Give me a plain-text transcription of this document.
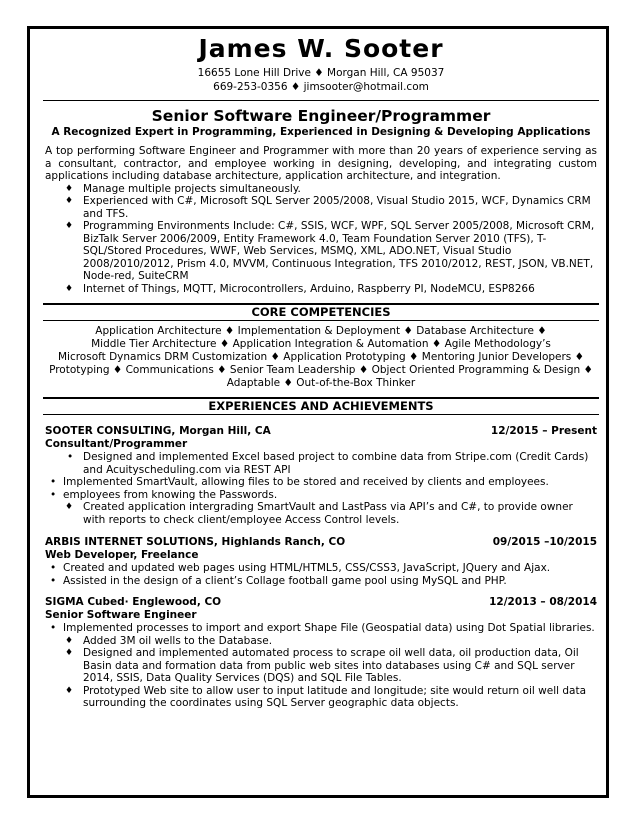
James W. Sooter
16655 Lone Hill Drive ♦ Morgan Hill, CA 95037
669-253-0356 ♦ jimsooter@hotmail.com
Senior Software Engineer/Programmer
A Recognized Expert in Programming, Experienced in Designing & Developing Applications
A top performing Software Engineer and Programmer with more than 20 years of experience serving as a consultant, contractor, and employee working in designing, developing, and integrating custom applications including database architecture, application architecture, and integration.
♦ Manage multiple projects simultaneously.
♦ Experienced with C#, Microsoft SQL Server 2005/2008, Visual Studio 2015, WCF, Dynamics CRM and TFS.
♦ Programming Environments Include: C#, SSIS, WCF, WPF, SQL Server 2005/2008, Microsoft CRM, BizTalk Server 2006/2009, Entity Framework 4.0, Team Foundation Server 2010 (TFS), T-SQL/Stored Procedures, WWF, Web Services, MSMQ, XML, ADO.NET, Visual Studio 2008/2010/2012, Prism 4.0, MVVM, Continuous Integration, TFS 2010/2012, REST, JSON, VB.NET, Node-red, SuiteCRM
♦ Internet of Things, MQTT, Microcontrollers, Arduino, Raspberry PI, NodeMCU, ESP8266
CORE COMPETENCIES
Application Architecture ♦ Implementation & Deployment ♦ Database Architecture ♦
Middle Tier Architecture ♦ Application Integration & Automation ♦ Agile Methodology’s
Microsoft Dynamics DRM Customization ♦ Application Prototyping ♦ Mentoring Junior Developers ♦
Prototyping ♦ Communications ♦ Senior Team Leadership ♦ Object Oriented Programming & Design ♦
Adaptable ♦ Out-of-the-Box Thinker
EXPERIENCES AND ACHIEVEMENTS
SOOTER CONSULTING, Morgan Hill, CA	12/2015 – Present
Consultant/Programmer
• Designed and implemented Excel based project to combine data from Stripe.com (Credit Cards) and Acuityscheduling.com via REST API
• Implemented SmartVault, allowing files to be stored and received by clients and employees.
• employees from knowing the Passwords.
♦ Created application intergrading SmartVault and LastPass via API’s and C#, to provide owner with reports to check client/employee Access Control levels.
ARBIS INTERNET SOLUTIONS, Highlands Ranch, CO	09/2015 –10/2015
Web Developer, Freelance
• Created and updated web pages using HTML/HTML5, CSS/CSS3, JavaScript, JQuery and Ajax.
• Assisted in the design of a client’s Collage football game pool using MySQL and PHP.
SIGMA Cubed· Englewood, CO	12/2013 – 08/2014
Senior Software Engineer
• Implemented processes to import and export Shape File (Geospatial data) using Dot Spatial libraries.
♦ Added 3M oil wells to the Database.
♦ Designed and implemented automated process to scrape oil well data, oil production data, Oil Basin data and formation data from public web sites into databases using C# and SQL server 2014, SSIS, Data Quality Services (DQS) and SQL File Tables.
♦ Prototyped Web site to allow user to input latitude and longitude; site would return oil well data surrounding the coordinates using SQL Server geographic data objects.
